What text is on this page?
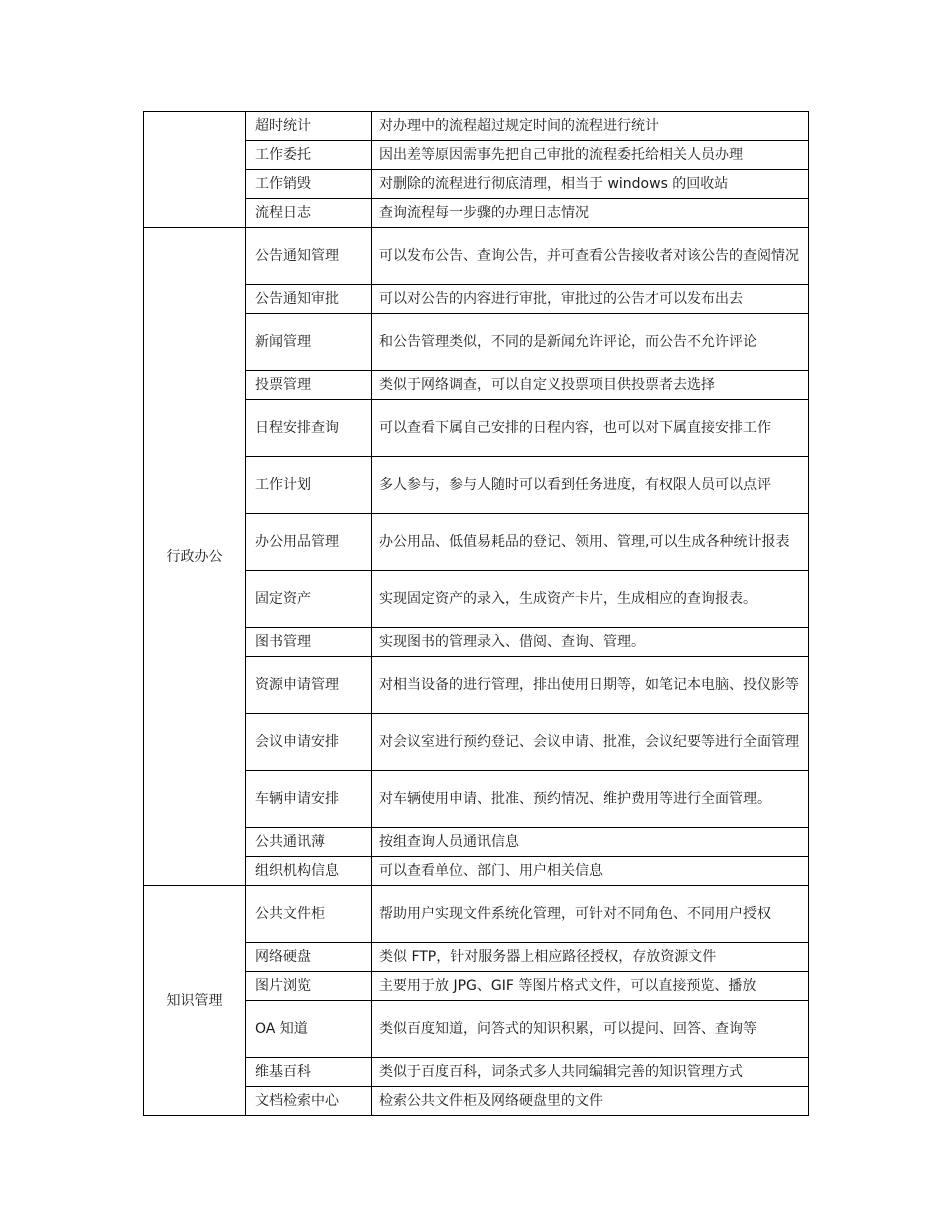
	超时统计	对办理中的流程超过规定时间的流程进行统计
	工作委托	因出差等原因需事先把自己审批的流程委托给相关人员办理
	工作销毁	对删除的流程进行彻底清理，相当于 windows 的回收站
	流程日志	查询流程每一步骤的办理日志情况
行政办公	公告通知管理	可以发布公告、查询公告，并可查看公告接收者对该公告的查阅情况
	公告通知审批	可以对公告的内容进行审批，审批过的公告才可以发布出去
	新闻管理	和公告管理类似，不同的是新闻允许评论，而公告不允许评论
	投票管理	类似于网络调查，可以自定义投票项目供投票者去选择
	日程安排查询	可以查看下属自己安排的日程内容，也可以对下属直接安排工作
	工作计划	多人参与，参与人随时可以看到任务进度，有权限人员可以点评
	办公用品管理	办公用品、低值易耗品的登记、领用、管理,可以生成各种统计报表
	固定资产	实现固定资产的录入，生成资产卡片，生成相应的查询报表。
	图书管理	实现图书的管理录入、借阅、查询、管理。
	资源申请管理	对相当设备的进行管理，排出使用日期等，如笔记本电脑、投仪影等
	会议申请安排	对会议室进行预约登记、会议申请、批准，会议纪要等进行全面管理
	车辆申请安排	对车辆使用申请、批准、预约情况、维护费用等进行全面管理。
	公共通讯薄	按组查询人员通讯信息
	组织机构信息	可以查看单位、部门、用户相关信息
知识管理	公共文件柜	帮助用户实现文件系统化管理，可针对不同角色、不同用户授权
	网络硬盘	类似 FTP，针对服务器上相应路径授权，存放资源文件
	图片浏览	主要用于放 JPG、GIF 等图片格式文件，可以直接预览、播放
	OA 知道	类似百度知道，问答式的知识积累，可以提问、回答、查询等
	维基百科	类似于百度百科，词条式多人共同编辑完善的知识管理方式
	文档检索中心	检索公共文件柜及网络硬盘里的文件
